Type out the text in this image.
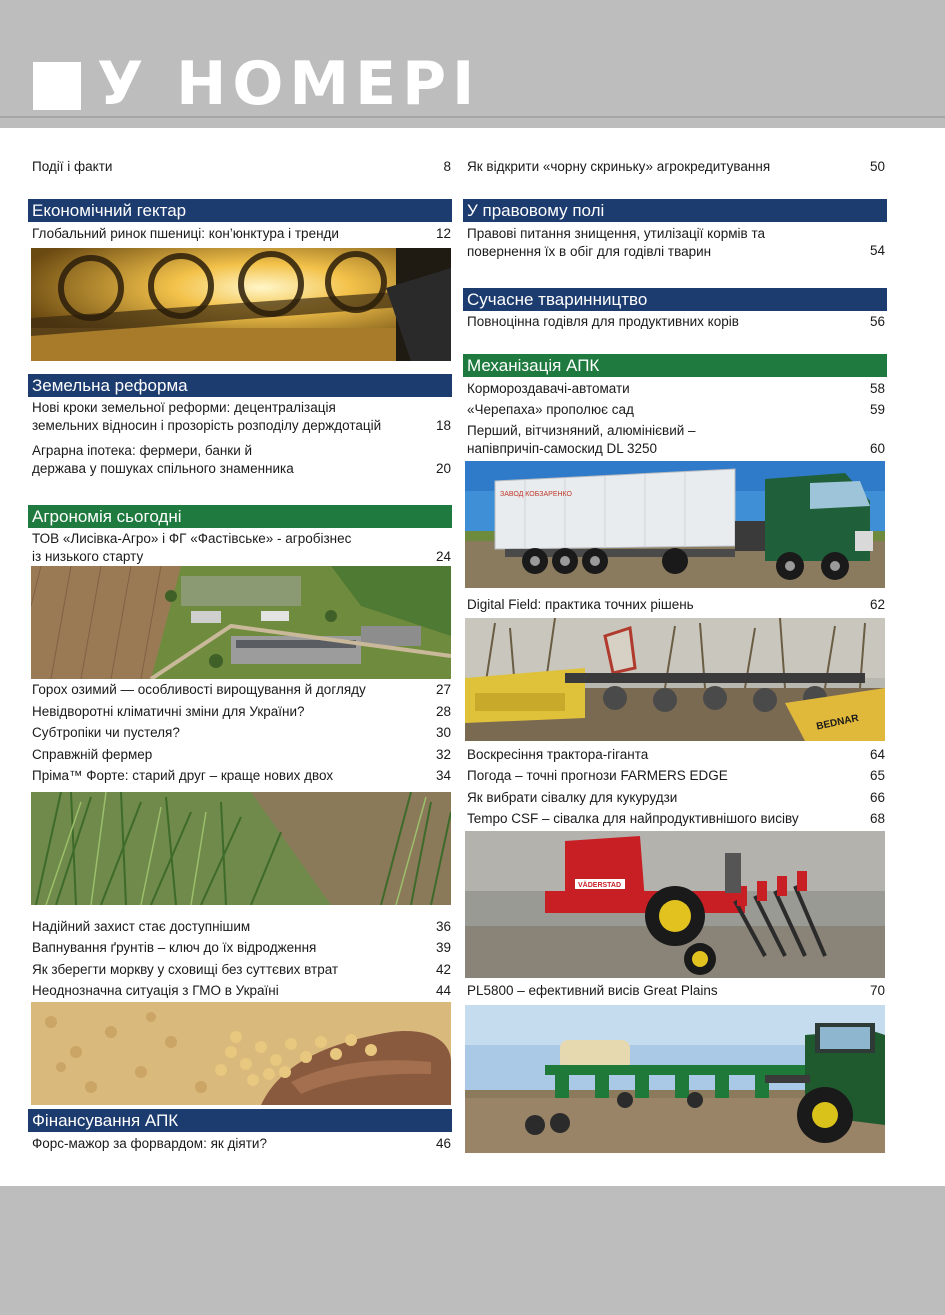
У НОМЕРІ
Події і факти	8
Економічний гектар
Глобальний ринок пшениці: кон’юнктура і тренди	12
Земельна реформа
Нові кроки земельної реформи: децентралізація земельних відносин і прозорість розподілу держдотацій	18
Аграрна іпотека: фермери, банки й держава у пошуках спільного знаменника	20
Агрономія сьогодні
ТОВ «Лисівка-Агро» і ФГ «Фастівське» - агробізнес із низького старту	24
Горох озимий — особливості вирощування й догляду	27
Невідворотні кліматичні зміни для України?	28
Субтропіки чи пустеля?	30
Справжній фермер	32
Пріма™ Форте: старий друг – краще нових двох	34
Надійний захист стає доступнішим	36
Вапнування ґрунтів – ключ до їх відродження	39
Як зберегти моркву у сховищі без суттєвих втрат	42
Неоднозначна ситуація з ГМО в Україні	44
Фінансування АПК
Форс-мажор за форвардом: як діяти?	46
Як відкрити «чорну скриньку» агрокредитування	50
У правовому полі
Правові питання знищення, утилізації кормів та повернення їх в обіг для годівлі тварин	54
Сучасне тваринництво
Повноцінна годівля для продуктивних корів	56
Механізація АПК
Кормороздавачі-автомати	58
«Черепаха» прополює сад	59
Перший, вітчизняний, алюмінієвий – напівпричіп-самоскид DL 3250	60
ЗАВОД КОБЗАРЕНКО
Digital Field: практика точних рішень	62
BEDNAR
Воскресіння трактора-гіганта	64
Погода – точні прогнози FARMERS EDGE	65
Як вибрати сівалку для кукурудзи	66
Tempo CSF – сівалка для найпродуктивнішого висіву	68
VÄDERSTAD
PL5800 – ефективний висів Great Plains	70
